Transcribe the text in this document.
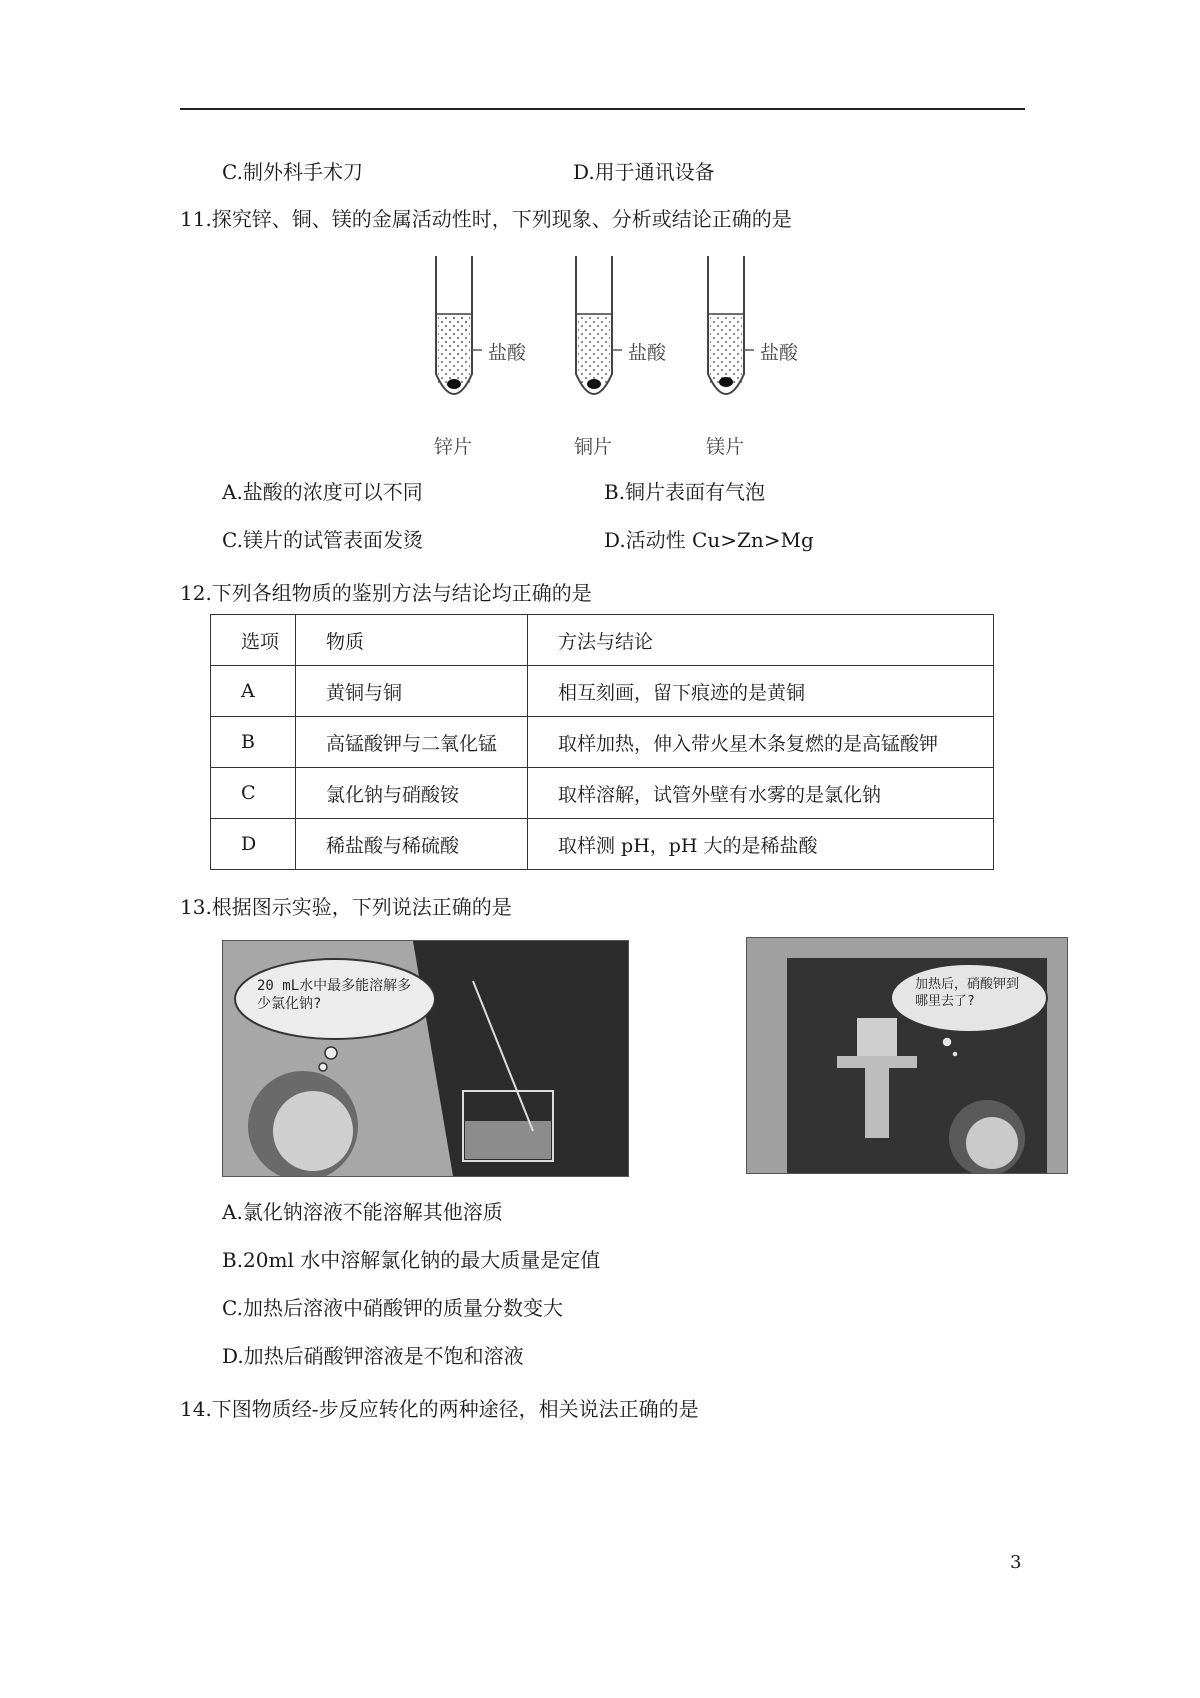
C.制外科手术刀	D.用于通讯设备
11.探究锌、铜、镁的金属活动性时，下列现象、分析或结论正确的是
盐酸	盐酸	盐酸
锌片	铜片	镁片
A.盐酸的浓度可以不同	B.铜片表面有气泡
C.镁片的试管表面发烫	D.活动性 Cu>Zn>Mg
12.下列各组物质的鉴别方法与结论均正确的是
选项	物质	方法与结论
A	黄铜与铜	相互刻画，留下痕迹的是黄铜
B	高锰酸钾与二氧化锰	取样加热，伸入带火星木条复燃的是高锰酸钾
C	氯化钠与硝酸铵	取样溶解，试管外壁有水雾的是氯化钠
D	稀盐酸与稀硫酸	取样测 pH，pH 大的是稀盐酸
13.根据图示实验，下列说法正确的是
20 mL水中最多能溶解多少氯化钠?
加热后，硝酸钾到哪里去了?
A.氯化钠溶液不能溶解其他溶质
B.20ml 水中溶解氯化钠的最大质量是定值
C.加热后溶液中硝酸钾的质量分数变大
D.加热后硝酸钾溶液是不饱和溶液
14.下图物质经-步反应转化的两种途径，相关说法正确的是
3
